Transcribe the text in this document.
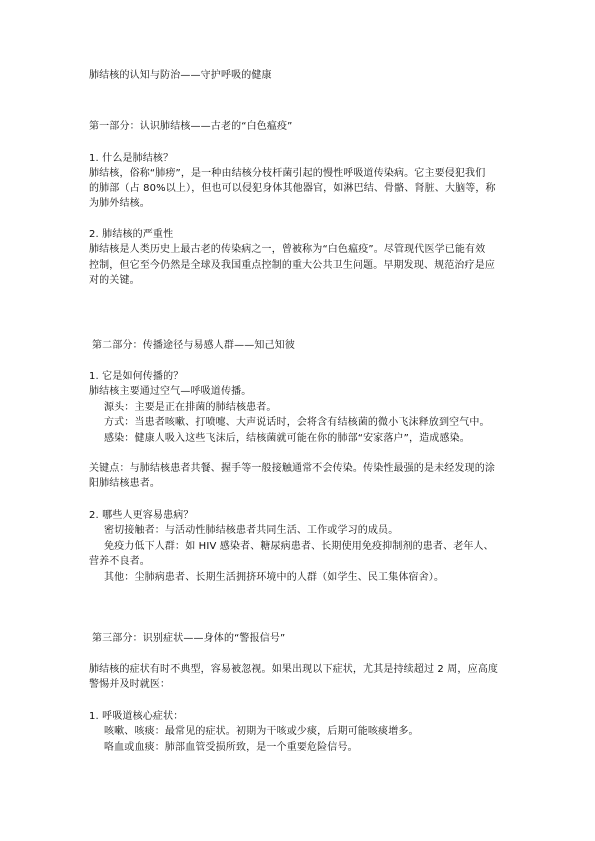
肺结核的认知与防治——守护呼吸的健康
第一部分：认识肺结核——古老的“白色瘟疫”
1. 什么是肺结核？
肺结核，俗称“肺痨”，是一种由结核分枝杆菌引起的慢性呼吸道传染病。它主要侵犯我们
的肺部（占 80%以上），但也可以侵犯身体其他器官，如淋巴结、骨骼、肾脏、大脑等，称
为肺外结核。
2. 肺结核的严重性
肺结核是人类历史上最古老的传染病之一，曾被称为“白色瘟疫”。尽管现代医学已能有效
控制，但它至今仍然是全球及我国重点控制的重大公共卫生问题。早期发现、规范治疗是应
对的关键。
第二部分：传播途径与易感人群——知己知彼
1. 它是如何传播的？
肺结核主要通过空气—呼吸道传播。
源头：主要是正在排菌的肺结核患者。
方式：当患者咳嗽、打喷嚏、大声说话时，会将含有结核菌的微小飞沫释放到空气中。
感染：健康人吸入这些飞沫后，结核菌就可能在你的肺部“安家落户”，造成感染。
关键点：与肺结核患者共餐、握手等一般接触通常不会传染。传染性最强的是未经发现的涂
阳肺结核患者。
2. 哪些人更容易患病？
密切接触者：与活动性肺结核患者共同生活、工作或学习的成员。
免疫力低下人群：如 HIV 感染者、糖尿病患者、长期使用免疫抑制剂的患者、老年人、
营养不良者。
其他：尘肺病患者、长期生活拥挤环境中的人群（如学生、民工集体宿舍）。
第三部分：识别症状——身体的“警报信号”
肺结核的症状有时不典型，容易被忽视。如果出现以下症状，尤其是持续超过 2 周，应高度
警惕并及时就医：
1. 呼吸道核心症状：
咳嗽、咳痰：最常见的症状。初期为干咳或少痰，后期可能咳痰增多。
咯血或血痰：肺部血管受损所致，是一个重要危险信号。
